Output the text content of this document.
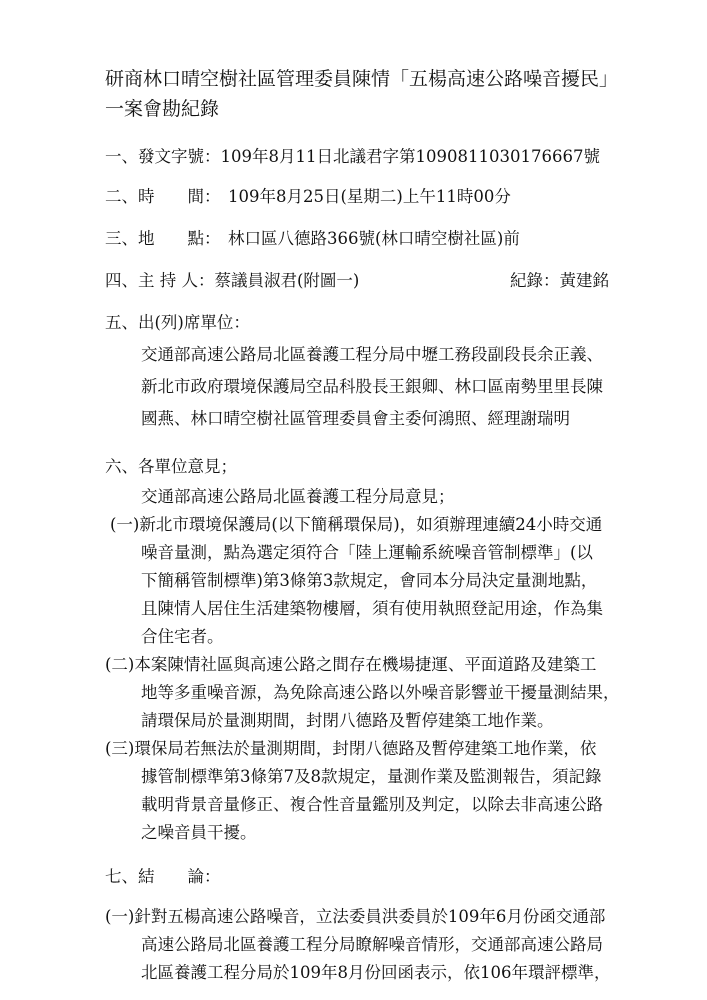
研商林口晴空樹社區管理委員陳情「五楊高速公路噪音擾民」
一案會勘紀錄
一、發文字號：109年8月11日北議君字第1090811030176667號
二、時　　間： 109年8月25日(星期二)上午11時00分
三、地　　點： 林口區八德路366號(林口晴空樹社區)前
四、主 持 人：蔡議員淑君(附圖一)	紀錄：黃建銘
五、出(列)席單位：
交通部高速公路局北區養護工程分局中壢工務段副段長余正義、
新北市政府環境保護局空品科股長王銀卿、林口區南勢里里長陳
國燕、林口晴空樹社區管理委員會主委何鴻照、經理謝瑞明
六、各單位意見；
交通部高速公路局北區養護工程分局意見；
(一)新北市環境保護局(以下簡稱環保局)，如須辦理連續24小時交通
噪音量測，點為選定須符合「陸上運輸系統噪音管制標準」(以
下簡稱管制標準)第3條第3款規定，會同本分局決定量測地點，
且陳情人居住生活建築物樓層，須有使用執照登記用途，作為集
合住宅者。
(二)本案陳情社區與高速公路之間存在機場捷運、平面道路及建築工
地等多重噪音源，為免除高速公路以外噪音影響並干擾量測結果，
請環保局於量測期間，封閉八德路及暫停建築工地作業。
(三)環保局若無法於量測期間，封閉八德路及暫停建築工地作業，依
據管制標準第3條第7及8款規定，量測作業及監測報告，須記錄
載明背景音量修正、複合性音量鑑別及判定，以除去非高速公路
之噪音員干擾。
七、結　　論：
(一)針對五楊高速公路噪音，立法委員洪委員於109年6月份函交通部
高速公路局北區養護工程分局瞭解噪音情形，交通部高速公路局
北區養護工程分局於109年8月份回函表示，依106年環評標準，
